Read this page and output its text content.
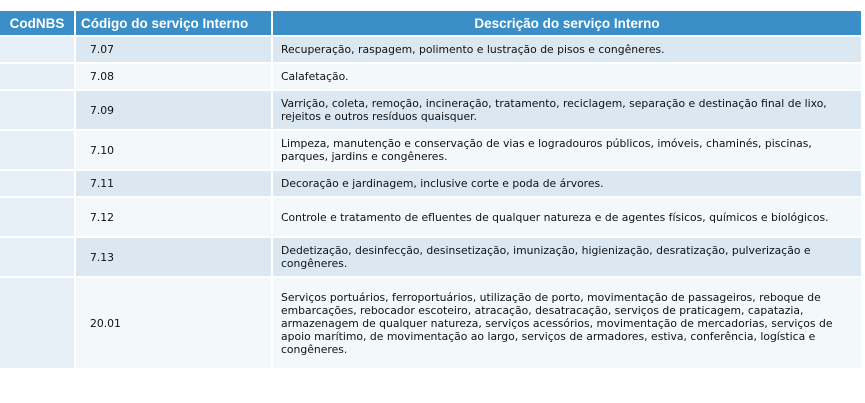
CodNBS	Código do serviço Interno	Descrição do serviço Interno
	7.07	Recuperação, raspagem, polimento e lustração de pisos e congêneres.
	7.08	Calafetação.
	7.09	Varrição, coleta, remoção, incineração, tratamento, reciclagem, separação e destinação final de lixo, rejeitos e outros resíduos quaisquer.
	7.10	Limpeza, manutenção e conservação de vias e logradouros públicos, imóveis, chaminés, piscinas, parques, jardins e congêneres.
	7.11	Decoração e jardinagem, inclusive corte e poda de árvores.
	7.12	Controle e tratamento de efluentes de qualquer natureza e de agentes físicos, químicos e biológicos.
	7.13	Dedetização, desinfecção, desinsetização, imunização, higienização, desratização, pulverização e congêneres.
	20.01	Serviços portuários, ferroportuários, utilização de porto, movimentação de passageiros, reboque de embarcações, rebocador escoteiro, atracação, desatracação, serviços de praticagem, capatazia, armazenagem de qualquer natureza, serviços acessórios, movimentação de mercadorias, serviços de apoio marítimo, de movimentação ao largo, serviços de armadores, estiva, conferência, logística e congêneres.
